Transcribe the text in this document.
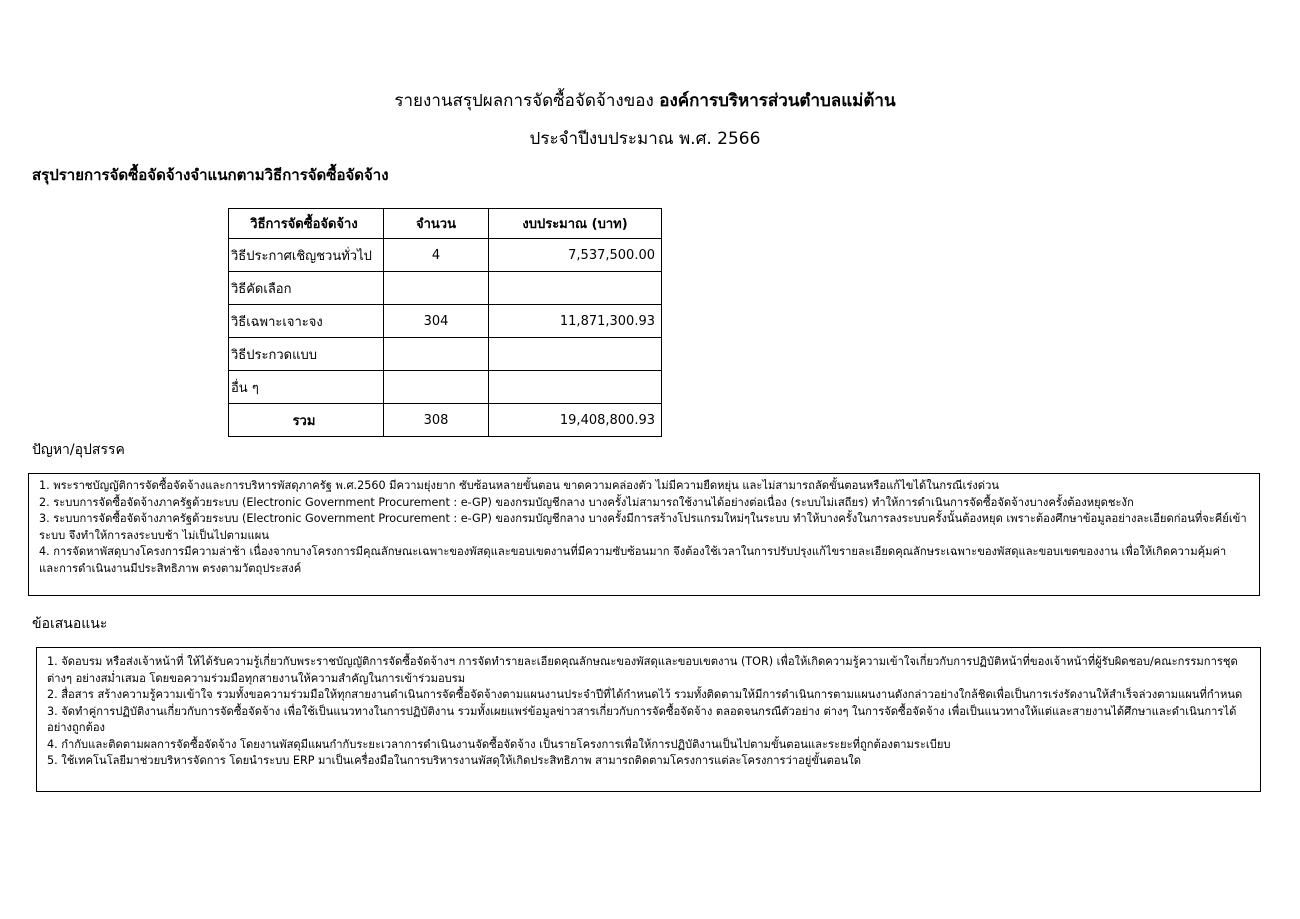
รายงานสรุปผลการจัดซื้อจัดจ้างของ องค์การบริหารส่วนตำบลแม่ต้าน
ประจำปีงบประมาณ พ.ศ. 2566
สรุปรายการจัดซื้อจัดจ้างจำแนกตามวิธีการจัดซื้อจัดจ้าง
วิธีการจัดซื้อจัดจ้าง	จำนวน	งบประมาณ (บาท)
วิธีประกาศเชิญชวนทั่วไป	4	7,537,500.00
วิธีคัดเลือก		
วิธีเฉพาะเจาะจง	304	11,871,300.93
วิธีประกวดแบบ		
อื่น ๆ		
รวม	308	19,408,800.93
ปัญหา/อุปสรรค

1. พระราชบัญญัติการจัดซื้อจัดจ้างและการบริหารพัสดุภาครัฐ พ.ศ.2560 มีความยุ่งยาก ซับซ้อนหลายขั้นตอน ขาดความคล่องตัว ไม่มีความยืดหยุ่น และไม่สามารถลัดขั้นตอนหรือแก้ไขได้ในกรณีเร่งด่วน

2. ระบบการจัดซื้อจัดจ้างภาครัฐด้วยระบบ (Electronic Government Procurement : e-GP) ของกรมบัญชีกลาง บางครั้งไม่สามารถใช้งานได้อย่างต่อเนื่อง (ระบบไม่เสถียร) ทำให้การดำเนินการจัดซื้อจัดจ้างบางครั้งต้องหยุดชะงัก

3. ระบบการจัดซื้อจัดจ้างภาครัฐด้วยระบบ (Electronic Government Procurement : e-GP) ของกรมบัญชีกลาง บางครั้งมีการสร้างโปรแกรมใหม่ๆในระบบ ทำให้บางครั้งในการลงระบบครั้งนั้นต้องหยุด เพราะต้องศึกษาข้อมูลอย่างละเอียดก่อนที่จะคีย์เข้าระบบ จึงทำให้การลงระบบช้า ไม่เป็นไปตามแผน

4. การจัดหาพัสดุบางโครงการมีความล่าช้า เนื่องจากบางโครงการมีคุณลักษณะเฉพาะของพัสดุและขอบเขตงานที่มีความซับซ้อนมาก จึงต้องใช้เวลาในการปรับปรุงแก้ไขรายละเอียดคุณลักษระเฉพาะของพัสดุและขอบเขตของงาน เพื่อให้เกิดความคุ้มค่า และการดำเนินงานมีประสิทธิภาพ ตรงตามวัตถุประสงค์

ข้อเสนอแนะ

1. จัดอบรม หรือส่งเจ้าหน้าที่ ให้ได้รับความรู้เกี่ยวกับพระราชบัญญัติการจัดซื้อจัดจ้างฯ การจัดทำรายละเอียดคุณลักษณะของพัสดุและขอบเขตงาน (TOR) เพื่อให้เกิดความรู้ความเข้าใจเกี่ยวกับการปฏิบัติหน้าที่ของเจ้าหน้าที่ผู้รับผิดชอบ/คณะกรรมการชุดต่างๆ อย่างสม่ำเสมอ โดยขอความร่วมมือทุกสายงานให้ความสำคัญในการเข้าร่วมอบรม

2. สื่อสาร สร้างความรู้ความเข้าใจ รวมทั้งขอความร่วมมือให้ทุกสายงานดำเนินการจัดซื้อจัดจ้างตามแผนงานประจำปีที่ได้กำหนดไว้ รวมทั้งติดตามให้มีการดำเนินการตามแผนงานดังกล่าวอย่างใกล้ชิดเพื่อเป็นการเร่งรัดงานให้สำเร็จล่วงตามแผนที่กำหนด

3. จัดทำคู่การปฏิบัติงานเกี่ยวกับการจัดซื้อจัดจ้าง เพื่อใช้เป็นแนวทางในการปฏิบัติงาน รวมทั้งเผยแพร่ข้อมูลข่าวสารเกี่ยวกับการจัดซื้อจัดจ้าง ตลอดจนกรณีตัวอย่าง ต่างๆ ในการจัดซื้อจัดจ้าง เพื่อเป็นแนวทางให้แต่และสายงานได้ศึกษาและดำเนินการได้อย่างถูกต้อง

4. กำกับและติดตามผลการจัดซื้อจัดจ้าง โดยงานพัสดุมีแผนกำกับระยะเวลาการดำเนินงานจัดซื้อจัดจ้าง เป็นรายโครงการเพื่อให้การปฏิบัติงานเป็นไปตามขั้นตอนและระยะที่ถูกต้องตามระเบียบ

5. ใช้เทคโนโลยีมาช่วยบริหารจัดการ โดยนำระบบ ERP มาเป็นเครื่องมือในการบริหารงานพัสดุให้เกิดประสิทธิภาพ สามารถติดตามโครงการแต่ละโครงการว่าอยู่ขั้นตอนใด
